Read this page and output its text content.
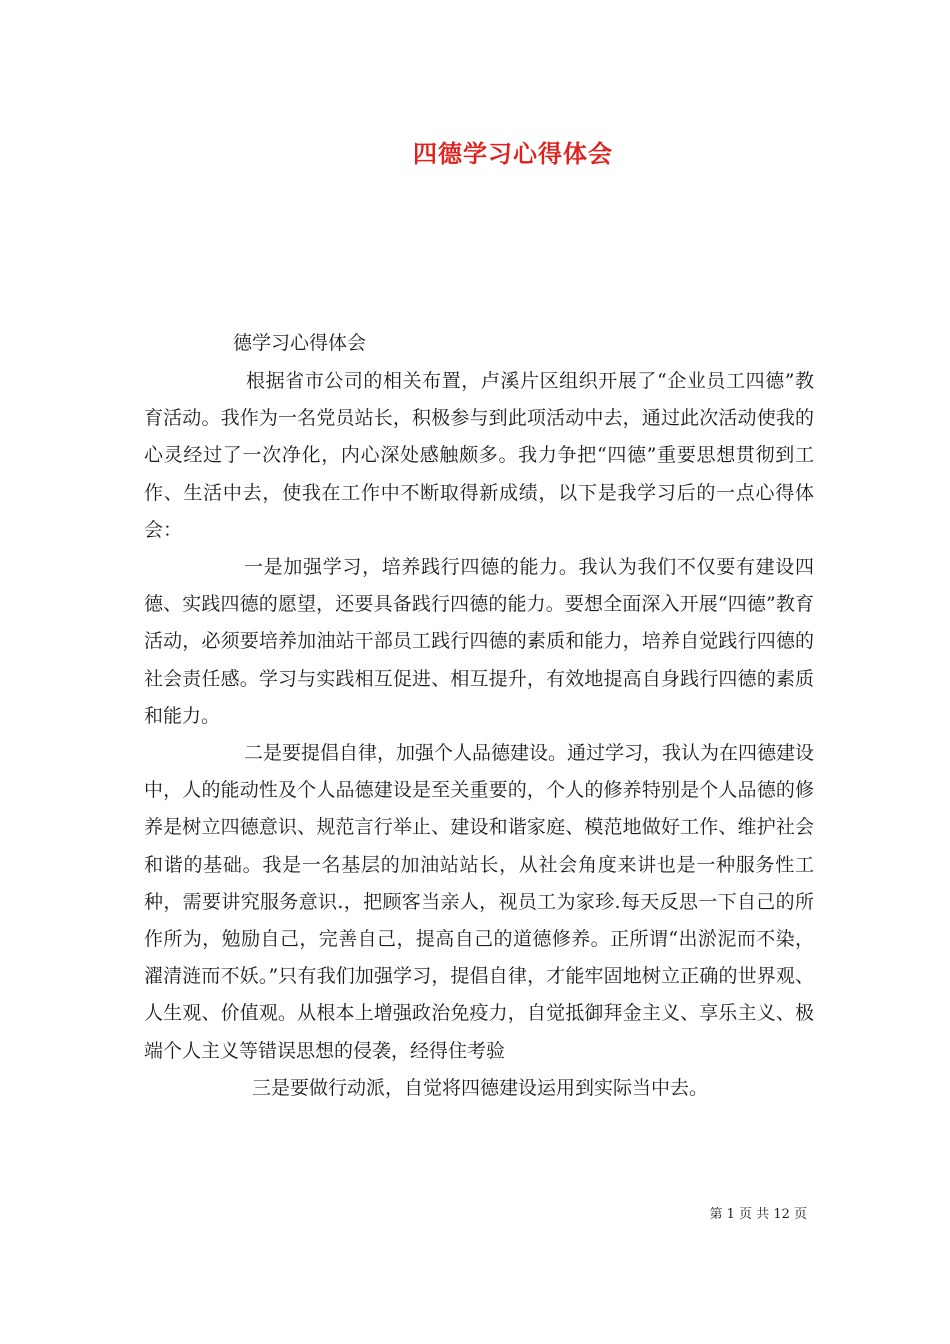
四德学习心得体会
德学习心得体会

根据省市公司的相关布置，卢溪片区组织开展了“企业员工四德”教育活动。我作为一名党员站长，积极参与到此项活动中去，通过此次活动使我的心灵经过了一次净化，内心深处感触颇多。我力争把“四德”重要思想贯彻到工作、生活中去，使我在工作中不断取得新成绩，以下是我学习后的一点心得体会：

一是加强学习，培养践行四德的能力。我认为我们不仅要有建设四德、实践四德的愿望，还要具备践行四德的能力。要想全面深入开展“四德”教育活动，必须要培养加油站干部员工践行四德的素质和能力，培养自觉践行四德的社会责任感。学习与实践相互促进、相互提升，有效地提高自身践行四德的素质和能力。

二是要提倡自律，加强个人品德建设。通过学习，我认为在四德建设中，人的能动性及个人品德建设是至关重要的，个人的修养特别是个人品德的修养是树立四德意识、规范言行举止、建设和谐家庭、模范地做好工作、维护社会和谐的基础。我是一名基层的加油站站长，从社会角度来讲也是一种服务性工种，需要讲究服务意识.，把顾客当亲人，视员工为家珍.每天反思一下自己的所作所为，勉励自己，完善自己，提高自己的道德修养。正所谓“出淤泥而不染，濯清涟而不妖。”只有我们加强学习，提倡自律，才能牢固地树立正确的世界观、人生观、价值观。从根本上增强政治免疫力，自觉抵御拜金主义、享乐主义、极端个人主义等错误思想的侵袭，经得住考验

三是要做行动派，自觉将四德建设运用到实际当中去。

第 1 页 共 12 页
